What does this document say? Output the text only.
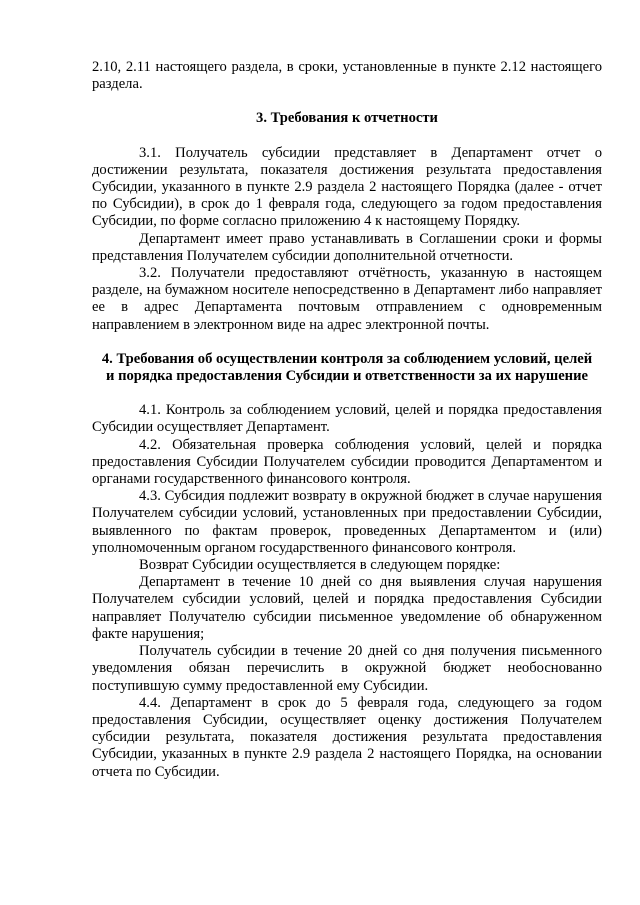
2.10, 2.11 настоящего раздела, в сроки, установленные в пункте 2.12 настоящего раздела.

3. Требования к отчетности

3.1. Получатель субсидии представляет в Департамент отчет о достижении результата, показателя достижения результата предоставления Субсидии, указанного в пункте 2.9 раздела 2 настоящего Порядка (далее - отчет по Субсидии), в срок до 1 февраля года, следующего за годом предоставления Субсидии, по форме согласно приложению 4 к настоящему Порядку.

Департамент имеет право устанавливать в Соглашении сроки и формы представления Получателем субсидии дополнительной отчетности.

3.2. Получатели предоставляют отчётность, указанную в настоящем разделе, на бумажном носителе непосредственно в Департамент либо направляет ее в адрес Департамента почтовым отправлением с одновременным направлением в электронном виде на адрес электронной почты.

4. Требования об осуществлении контроля за соблюдением условий, целей

и порядка предоставления Субсидии и ответственности за их нарушение

4.1. Контроль за соблюдением условий, целей и порядка предоставления Субсидии осуществляет Департамент.

4.2. Обязательная проверка соблюдения условий, целей и порядка предоставления Субсидии Получателем субсидии проводится Департаментом и органами государственного финансового контроля.

4.3. Субсидия подлежит возврату в окружной бюджет в случае нарушения Получателем субсидии условий, установленных при предоставлении Субсидии, выявленного по фактам проверок, проведенных Департаментом и (или) уполномоченным органом государственного финансового контроля.

Возврат Субсидии осуществляется в следующем порядке:

Департамент в течение 10 дней со дня выявления случая нарушения Получателем субсидии условий, целей и порядка предоставления Субсидии направляет Получателю субсидии письменное уведомление об обнаруженном факте нарушения;

Получатель субсидии в течение 20 дней со дня получения письменного уведомления обязан перечислить в окружной бюджет необоснованно поступившую сумму предоставленной ему Субсидии.

4.4. Департамент в срок до 5 февраля года, следующего за годом предоставления Субсидии, осуществляет оценку достижения Получателем субсидии результата, показателя достижения результата предоставления Субсидии, указанных в пункте 2.9 раздела 2 настоящего Порядка, на основании отчета по Субсидии.
